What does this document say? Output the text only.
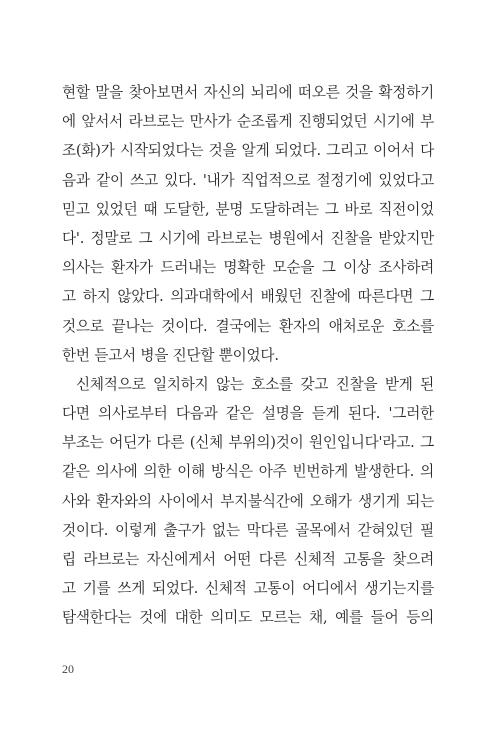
현할 말을 찾아보면서 자신의 뇌리에 떠오른 것을 확정하기
에 앞서서 라브로는 만사가 순조롭게 진행되었던 시기에 부
조(화)가 시작되었다는 것을 알게 되었다. 그리고 이어서 다
음과 같이 쓰고 있다. '내가 직업적으로 절정기에 있었다고
믿고 있었던 때 도달한, 분명 도달하려는 그 바로 직전이었
다'. 정말로 그 시기에 라브로는 병원에서 진찰을 받았지만
의사는 환자가 드러내는 명확한 모순을 그 이상 조사하려
고 하지 않았다. 의과대학에서 배웠던 진찰에 따른다면 그
것으로 끝나는 것이다. 결국에는 환자의 애처로운 호소를
한번 듣고서 병을 진단할 뿐이었다.
신체적으로 일치하지 않는 호소를 갖고 진찰을 받게 된
다면 의사로부터 다음과 같은 설명을 듣게 된다. '그러한
부조는 어딘가 다른 (신체 부위의)것이 원인입니다'라고. 그
같은 의사에 의한 이해 방식은 아주 빈번하게 발생한다. 의
사와 환자와의 사이에서 부지불식간에 오해가 생기게 되는
것이다. 이렇게 출구가 없는 막다른 골목에서 갇혀있던 필
립 라브로는 자신에게서 어떤 다른 신체적 고통을 찾으려
고 기를 쓰게 되었다. 신체적 고통이 어디에서 생기는지를
탐색한다는 것에 대한 의미도 모르는 채, 예를 들어 등의
20
